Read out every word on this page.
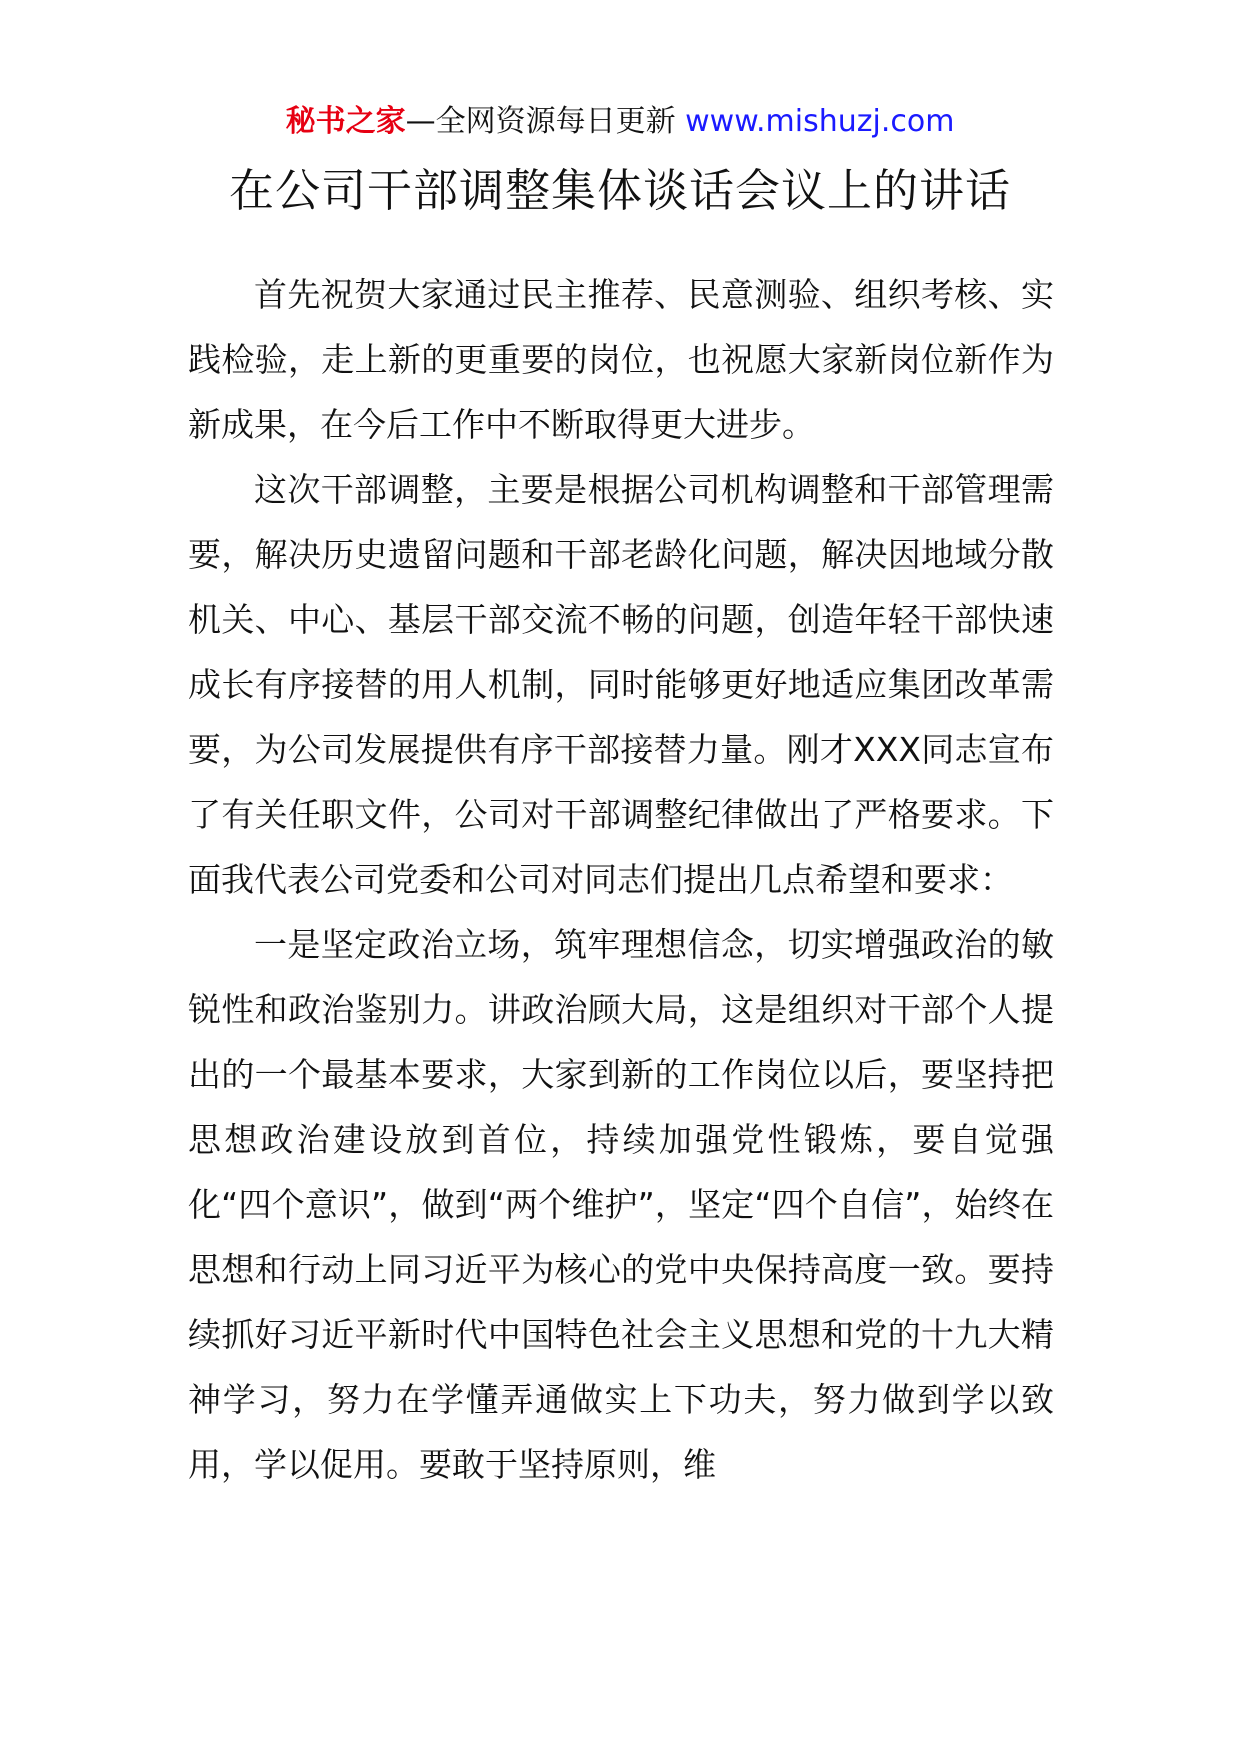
秘书之家—全网资源每日更新 www.mishuzj.com
在公司干部调整集体谈话会议上的讲话

首先祝贺大家通过民主推荐、民意测验、组织考核、实践检验，走上新的更重要的岗位，也祝愿大家新岗位新作为新成果，在今后工作中不断取得更大进步。

这次干部调整，主要是根据公司机构调整和干部管理需要，解决历史遗留问题和干部老龄化问题，解决因地域分散机关、中心、基层干部交流不畅的问题，创造年轻干部快速成长有序接替的用人机制，同时能够更好地适应集团改革需要，为公司发展提供有序干部接替力量。刚才XXX同志宣布了有关任职文件，公司对干部调整纪律做出了严格要求。下面我代表公司党委和公司对同志们提出几点希望和要求：

一是坚定政治立场，筑牢理想信念，切实增强政治的敏锐性和政治鉴别力。讲政治顾大局，这是组织对干部个人提出的一个最基本要求，大家到新的工作岗位以后，要坚持把思想政治建设放到首位，持续加强党性锻炼，要自觉强化“四个意识”，做到“两个维护”，坚定“四个自信”，始终在思想和行动上同习近平为核心的党中央保持高度一致。要持续抓好习近平新时代中国特色社会主义思想和党的十九大精神学习，努力在学懂弄通做实上下功夫，努力做到学以致用，学以促用。要敢于坚持原则，维
